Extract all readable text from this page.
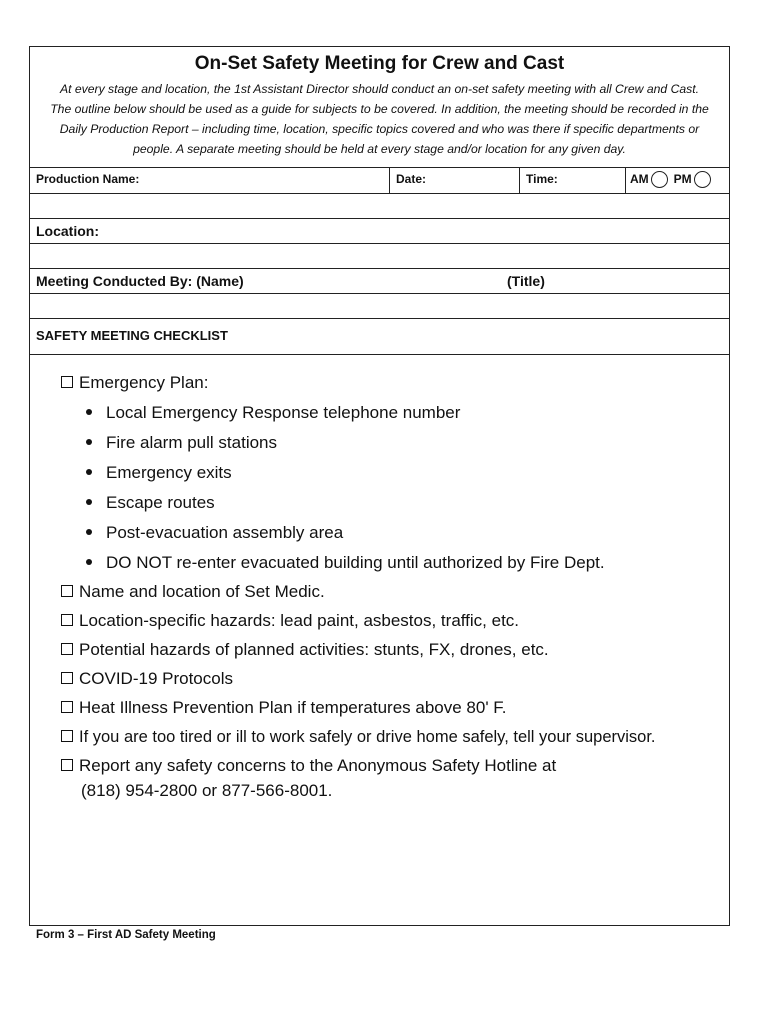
On-Set Safety Meeting for Crew and Cast
At every stage and location, the 1st Assistant Director should conduct an on-set safety meeting with all Crew and Cast.
The outline below should be used as a guide for subjects to be covered. In addition, the meeting should be recorded in the
Daily Production Report – including time, location, specific topics covered and who was there if specific departments or
people. A separate meeting should be held at every stage and/or location for any given day.
Production Name:	Date:	Time:	AM PM
Location:
Meeting Conducted By: (Name)	(Title)
SAFETY MEETING CHECKLIST
Emergency Plan:
Local Emergency Response telephone number
Fire alarm pull stations
Emergency exits
Escape routes
Post-evacuation assembly area
DO NOT re-enter evacuated building until authorized by Fire Dept.
Name and location of Set Medic.
Location-specific hazards: lead paint, asbestos, traffic, etc.
Potential hazards of planned activities: stunts, FX, drones, etc.
COVID-19 Protocols
Heat Illness Prevention Plan if temperatures above 80' F.
If you are too tired or ill to work safely or drive home safely, tell your supervisor.
Report any safety concerns to the Anonymous Safety Hotline at
(818) 954-2800 or 877-566-8001.
Form 3 – First AD Safety Meeting
